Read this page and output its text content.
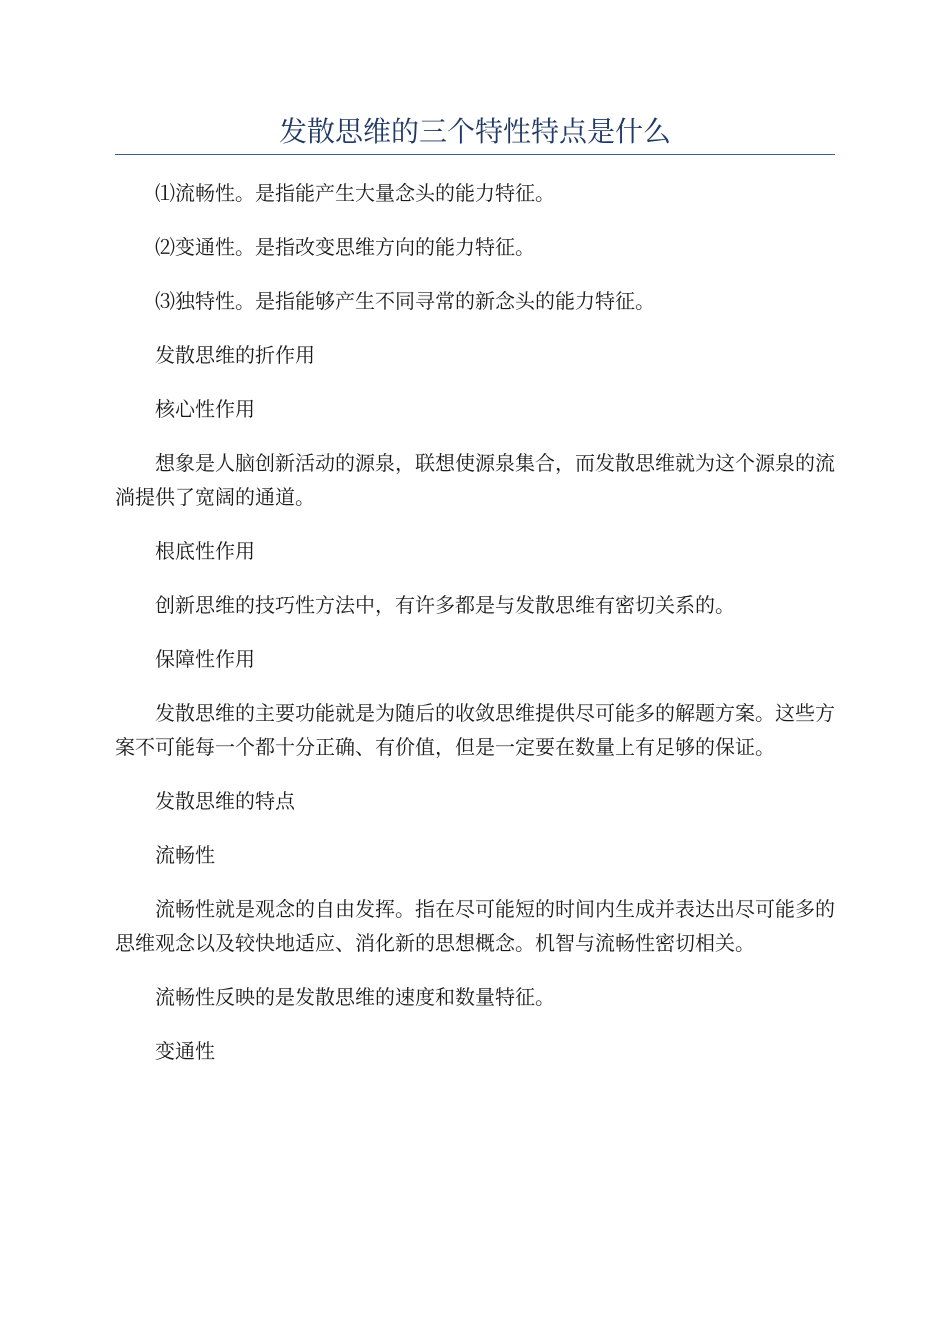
发散思维的三个特性特点是什么

⑴流畅性。是指能产生大量念头的能力特征。

⑵变通性。是指改变思维方向的能力特征。

⑶独特性。是指能够产生不同寻常的新念头的能力特征。

发散思维的折作用

核心性作用

想象是人脑创新活动的源泉，联想使源泉集合，而发散思维就为这个源泉的流淌提供了宽阔的通道。

根底性作用

创新思维的技巧性方法中，有许多都是与发散思维有密切关系的。

保障性作用

发散思维的主要功能就是为随后的收敛思维提供尽可能多的解题方案。这些方案不可能每一个都十分正确、有价值，但是一定要在数量上有足够的保证。

发散思维的特点

流畅性

流畅性就是观念的自由发挥。指在尽可能短的时间内生成并表达出尽可能多的思维观念以及较快地适应、消化新的思想概念。机智与流畅性密切相关。

流畅性反映的是发散思维的速度和数量特征。

变通性
